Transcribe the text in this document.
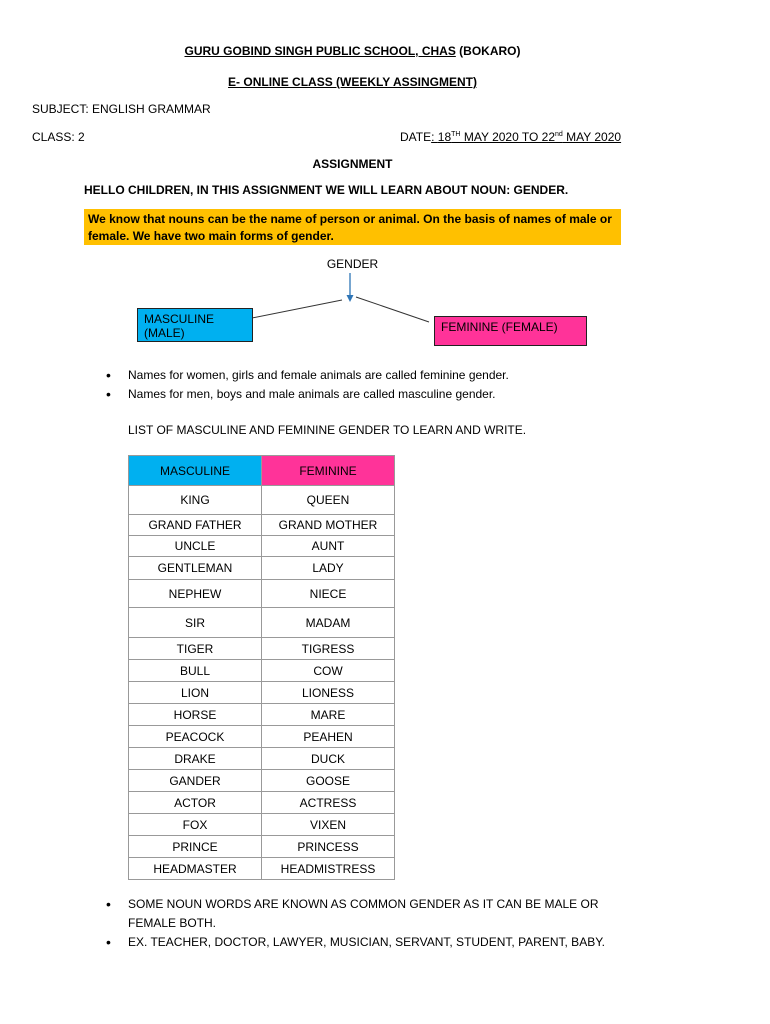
GURU GOBIND SINGH PUBLIC SCHOOL, CHAS (BOKARO)
E- ONLINE CLASS (WEEKLY ASSINGMENT)
SUBJECT: ENGLISH GRAMMAR
CLASS: 2	DATE: 18TH MAY 2020 TO 22nd MAY 2020
ASSIGNMENT
HELLO CHILDREN, IN THIS ASSIGNMENT WE WILL LEARN ABOUT NOUN: GENDER.
We know that nouns can be the name of person or animal. On the basis of names of male or female. We have two main forms of gender.
GENDER
MASCULINE (MALE)	FEMININE (FEMALE)
• Names for women, girls and female animals are called feminine gender.
• Names for men, boys and male animals are called masculine gender.
LIST OF MASCULINE AND FEMININE GENDER TO LEARN AND WRITE.
MASCULINE	FEMININE
KING	QUEEN
GRAND FATHER	GRAND MOTHER
UNCLE	AUNT
GENTLEMAN	LADY
NEPHEW	NIECE
SIR	MADAM
TIGER	TIGRESS
BULL	COW
LION	LIONESS
HORSE	MARE
PEACOCK	PEAHEN
DRAKE	DUCK
GANDER	GOOSE
ACTOR	ACTRESS
FOX	VIXEN
PRINCE	PRINCESS
HEADMASTER	HEADMISTRESS
• SOME NOUN WORDS ARE KNOWN AS COMMON GENDER AS IT CAN BE MALE OR FEMALE BOTH.
• EX. TEACHER, DOCTOR, LAWYER, MUSICIAN, SERVANT, STUDENT, PARENT, BABY.
